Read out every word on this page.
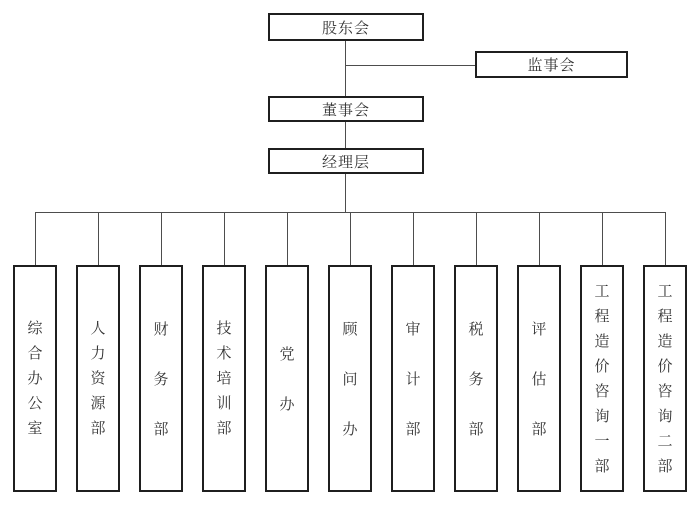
股东会
监事会
董事会
经理层
综
合
办
公
室
人
力
资
源
部
财
务
部
技
术
培
训
部
党
办
顾
问
办
审
计
部
税
务
部
评
估
部
工
程
造
价
咨
询
一
部
工
程
造
价
咨
询
二
部
